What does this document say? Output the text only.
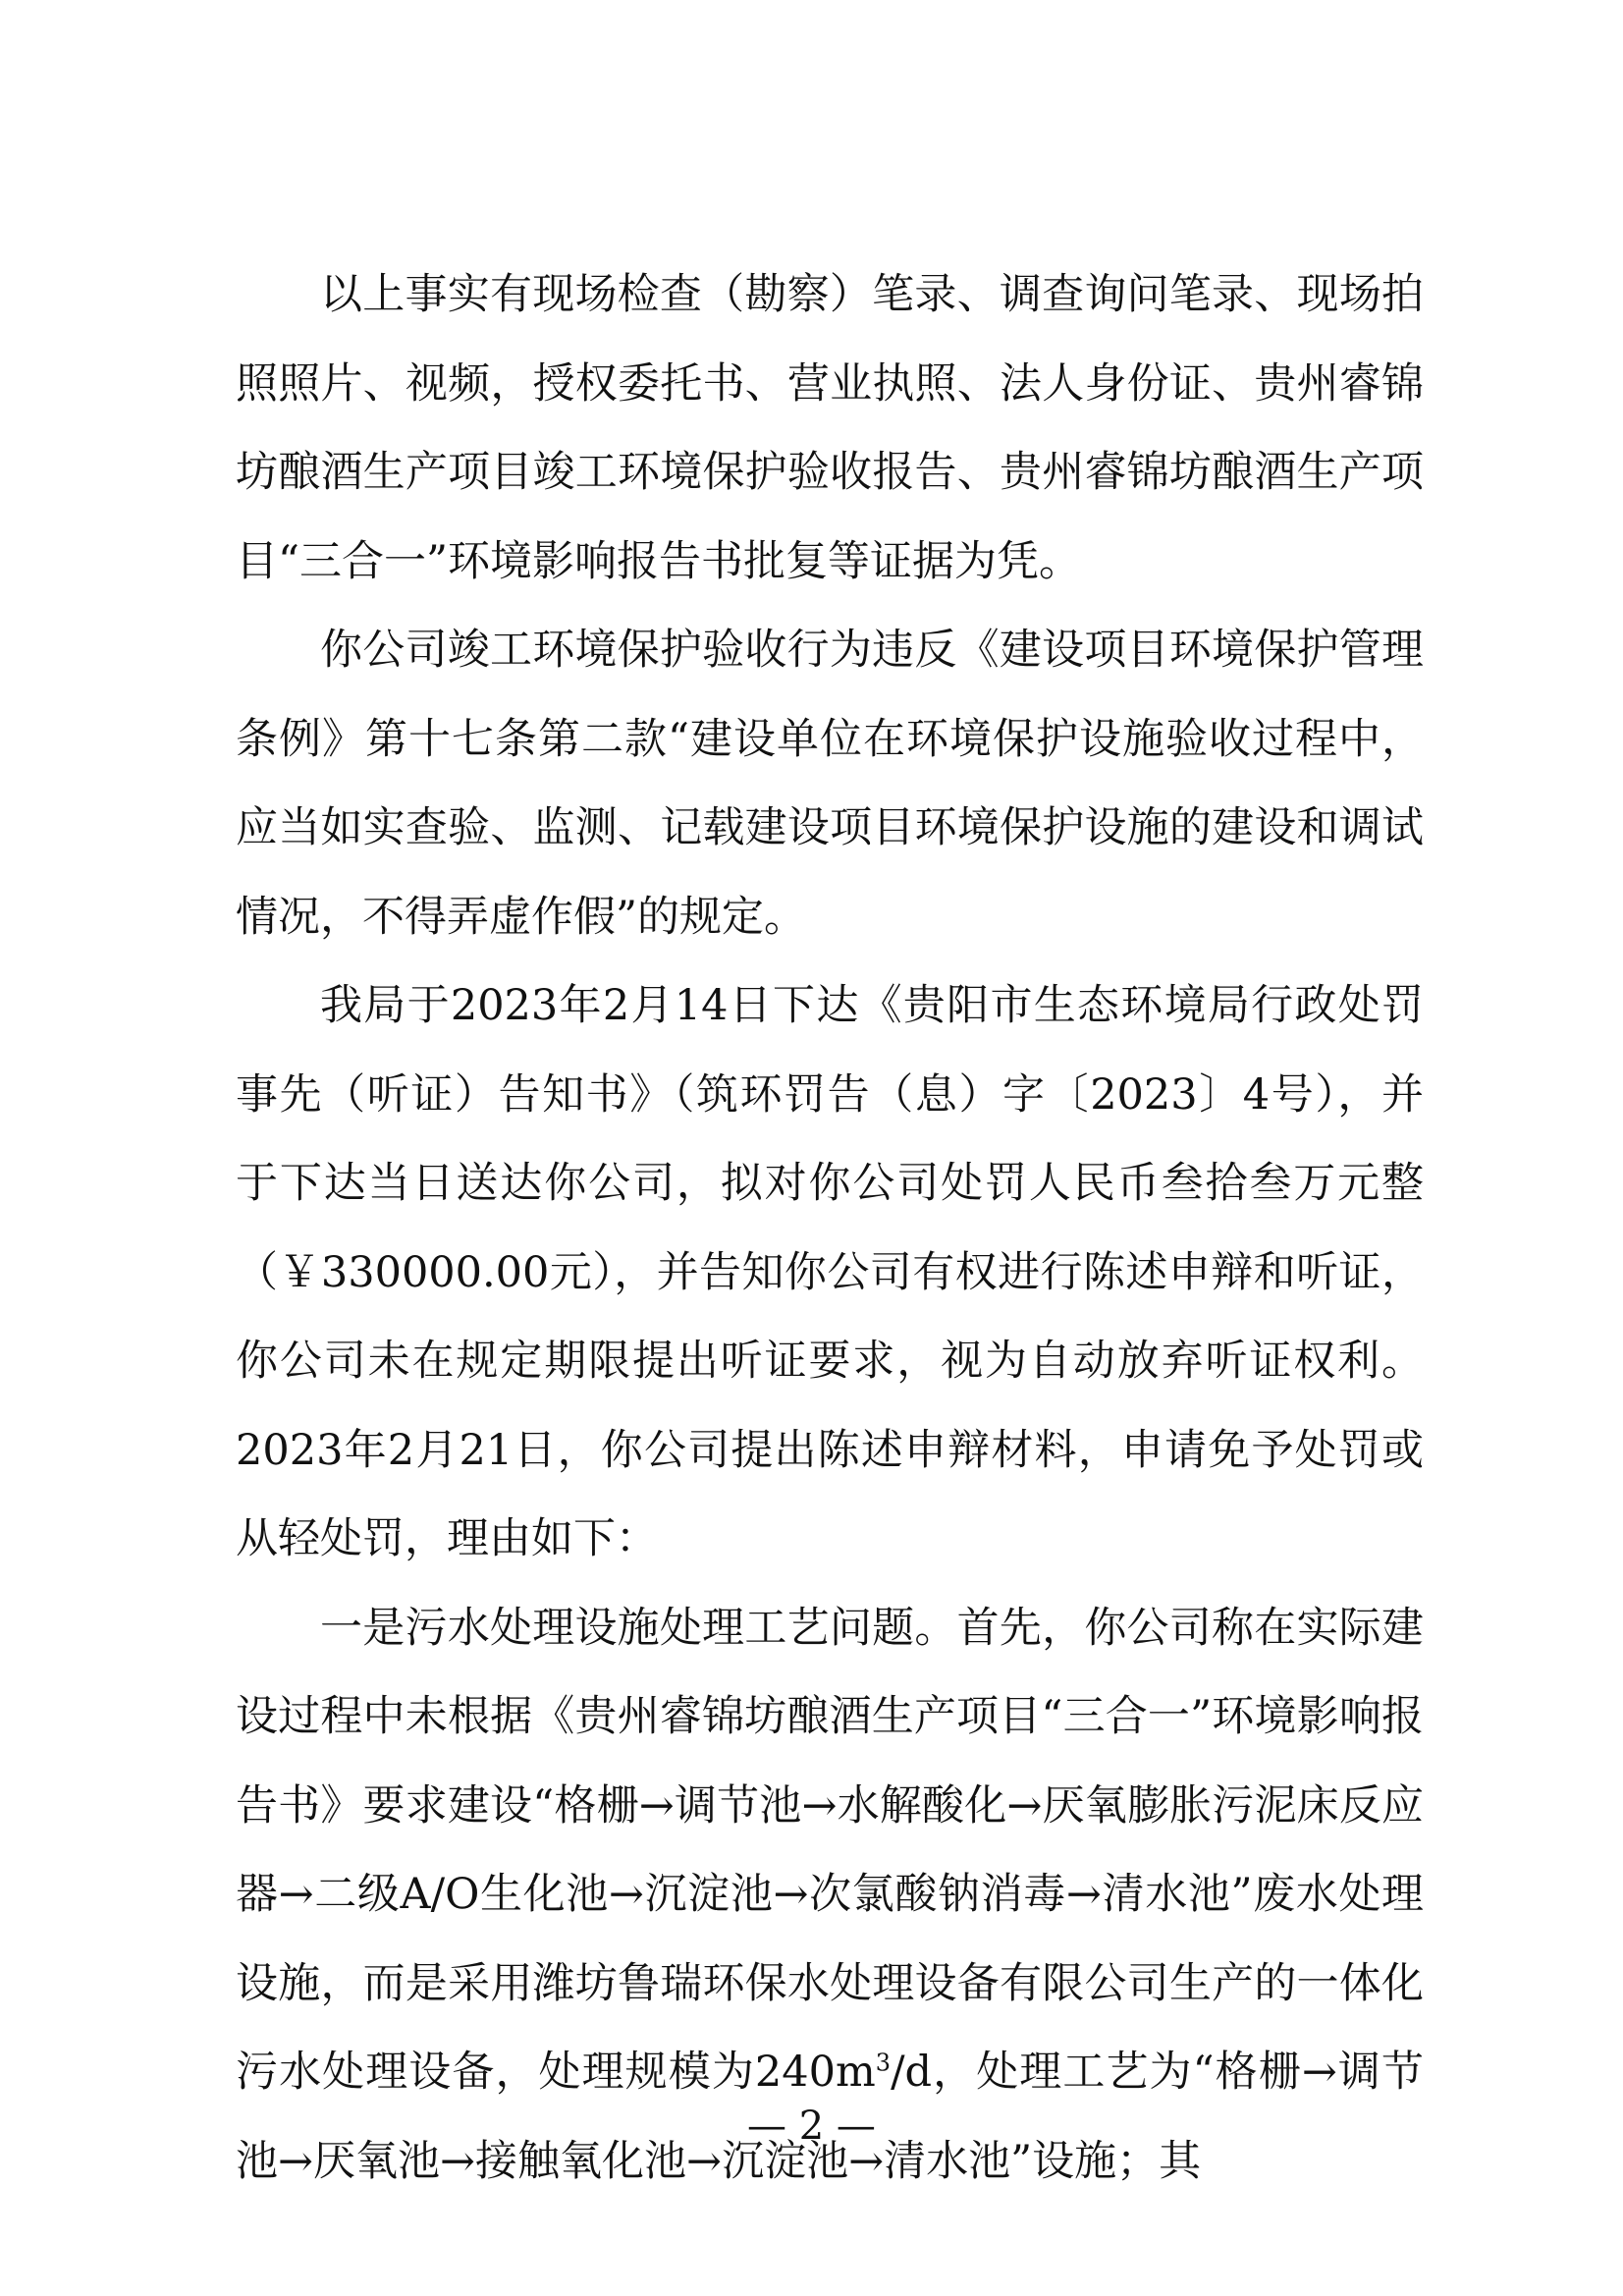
以上事实有现场检查（勘察）笔录、调查询问笔录、现场拍照照片、视频，授权委托书、营业执照、法人身份证、贵州睿锦坊酿酒生产项目竣工环境保护验收报告、贵州睿锦坊酿酒生产项目“三合一”环境影响报告书批复等证据为凭。

你公司竣工环境保护验收行为违反《建设项目环境保护管理条例》第十七条第二款“建设单位在环境保护设施验收过程中，应当如实查验、监测、记载建设项目环境保护设施的建设和调试情况，不得弄虚作假”的规定。

我局于2023年2月14日下达《贵阳市生态环境局行政处罚事先（听证）告知书》（筑环罚告（息）字〔2023〕4号），并于下达当日送达你公司，拟对你公司处罚人民币叁拾叁万元整（￥330000.00元），并告知你公司有权进行陈述申辩和听证，你公司未在规定期限提出听证要求，视为自动放弃听证权利。2023年2月21日，你公司提出陈述申辩材料，申请免予处罚或从轻处罚，理由如下：

一是污水处理设施处理工艺问题。首先，你公司称在实际建设过程中未根据《贵州睿锦坊酿酒生产项目“三合一”环境影响报告书》要求建设“格栅→调节池→水解酸化→厌氧膨胀污泥床反应器→二级A/O生化池→沉淀池→次氯酸钠消毒→清水池”废水处理设施，而是采用潍坊鲁瑞环保水处理设备有限公司生产的一体化污水处理设备，处理规模为$240m^3/d$，处理工艺为“格栅→调节池→厌氧池→接触氧化池→沉淀池→清水池”设施；其

— 2 —
